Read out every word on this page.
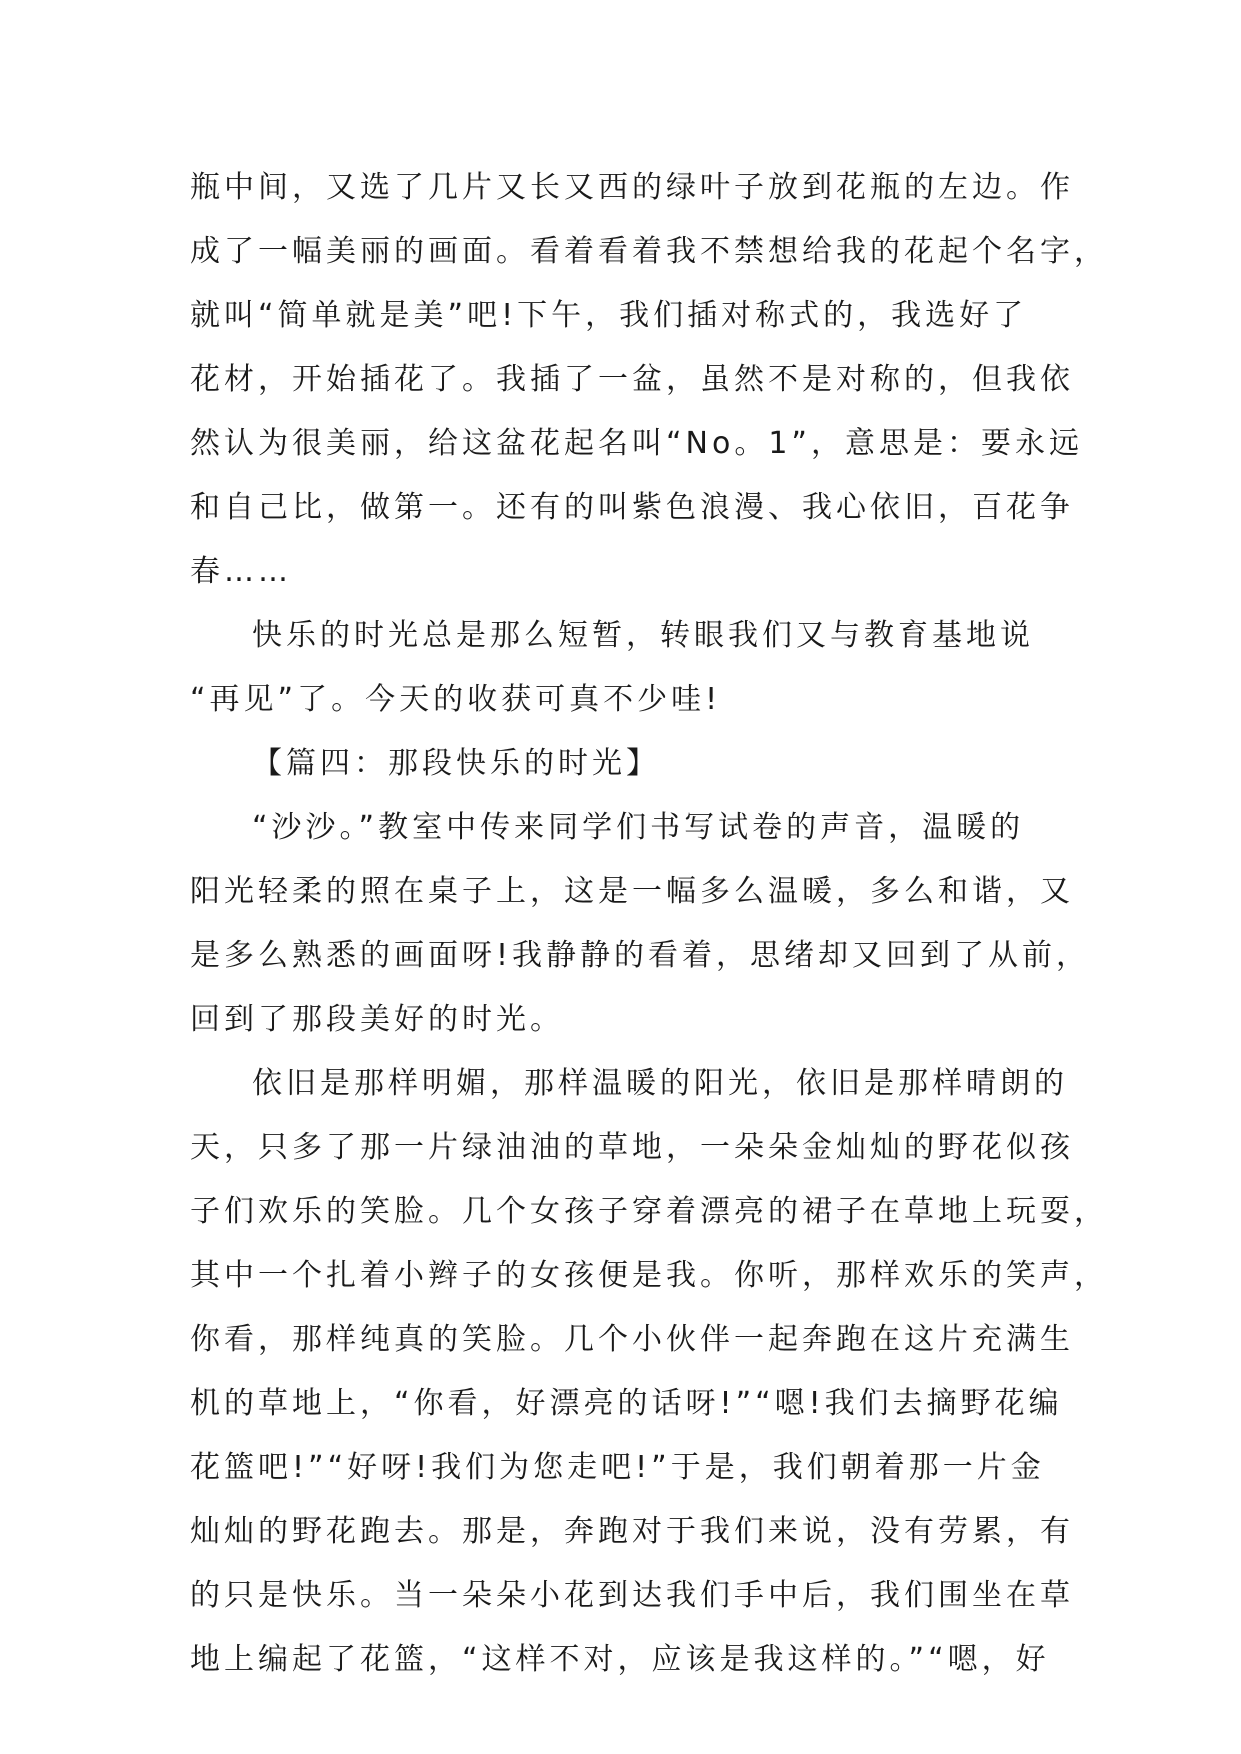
瓶中间，又选了几片又长又西的绿叶子放到花瓶的左边。作
成了一幅美丽的画面。看着看着我不禁想给我的花起个名字，
就叫“简单就是美”吧!下午，我们插对称式的，我选好了
花材，开始插花了。我插了一盆，虽然不是对称的，但我依
然认为很美丽，给这盆花起名叫“No。1”，意思是：要永远
和自己比，做第一。还有的叫紫色浪漫、我心依旧，百花争
春……
快乐的时光总是那么短暂，转眼我们又与教育基地说
“再见”了。今天的收获可真不少哇!
【篇四：那段快乐的时光】
“沙沙。”教室中传来同学们书写试卷的声音，温暖的
阳光轻柔的照在桌子上，这是一幅多么温暖，多么和谐，又
是多么熟悉的画面呀!我静静的看着，思绪却又回到了从前，
回到了那段美好的时光。
依旧是那样明媚，那样温暖的阳光，依旧是那样晴朗的
天，只多了那一片绿油油的草地，一朵朵金灿灿的野花似孩
子们欢乐的笑脸。几个女孩子穿着漂亮的裙子在草地上玩耍，
其中一个扎着小辫子的女孩便是我。你听，那样欢乐的笑声，
你看，那样纯真的笑脸。几个小伙伴一起奔跑在这片充满生
机的草地上，“你看，好漂亮的话呀!”“嗯!我们去摘野花编
花篮吧!”“好呀!我们为您走吧!”于是，我们朝着那一片金
灿灿的野花跑去。那是，奔跑对于我们来说，没有劳累，有
的只是快乐。当一朵朵小花到达我们手中后，我们围坐在草
地上编起了花篮，“这样不对，应该是我这样的。”“嗯，好
